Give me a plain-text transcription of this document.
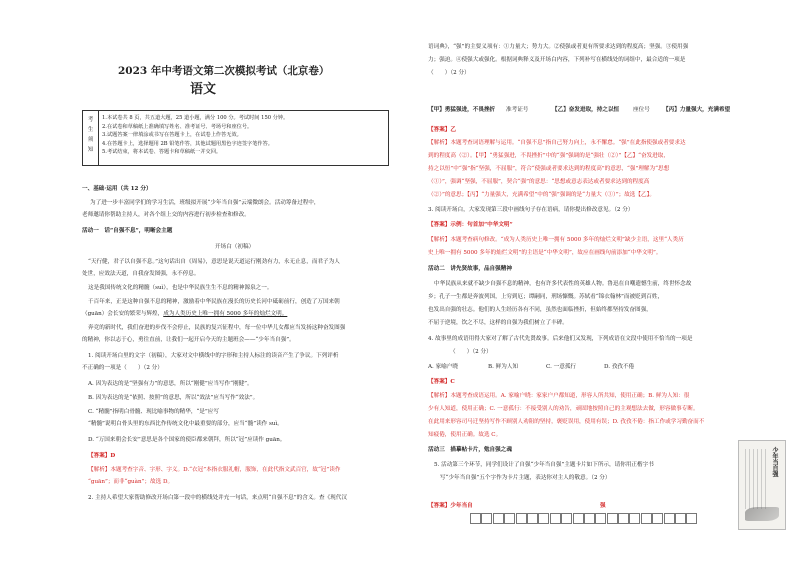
2023 年中考语文第二次模拟考试（北京卷）
语文
考
生
须
知
1.本试卷共 8 页，共五道大题，25 道小题，满分 100 分。考试时间 150 分钟。
2.在试卷和草稿纸上准确填写姓名、准考证号、考场号和座位号。
3.试题答案一律填涂或书写在答题卡上，在试卷上作答无效。
4.在答题卡上，选择题用 2B 铅笔作答，其他试题用黑色字迹签字笔作答。
5.考试结束，将本试卷、答题卡和草稿纸一并交回。
一、基础·运用（共 12 分）
为了进一步丰富同学们的学习生活，班级拟开展“少年当自强”云端微朗会。活动筹备过程中，
老师邀请你帮助主持人，对各个组上交的内容进行初步检查和修改。
活动一　话“自强不息”，明晰会主题
开场白（初稿）
“天行健，君子以自强不息。”这句话出自《周易》，意思是说天道运行刚劲有力，永无止息，而君子为人
处世，应效法天道，自我奋发图强，永不停息。
这是我国传统文化的精髓（suì），也是中华民族生生不息的精神源泉之一。
千百年来，正是这种自强不息的精神，激励着中华民族在漫长的历史长河中砥砺前行，创造了万国来朝
（guān）会长安的繁荣与辉煌，成为人类历史上唯一拥有 5000 多年的灿烂文明。
奔竞的新时代，我们奋进的步伐不会停止，民族的复兴征程中，每一位中华儿女都应当发扬这种奋发图强
的精神，你以志于心，勇往直前，让我们一起开启今天的主题班会——“少年当自强”。
1. 阅读开场白里的文字（初稿），大家对文中横线中的字形和主持人标注的读音产生了争议。下列评析
不正确的一项是（　　）（2 分）
A. 因为表达的是“坚强有力”的意思，所以“刚健”应当写作“刚健”。
B. 因为表达的是“依照、按照”的意思，所以“效法”应当写作“效法”。
C. “精髓”指明白骨髓、现比喻事物的精华，“是”应写
“精髓”说明白骨头里的东西比作传统文化中最重要的部分，应当“髓”读作 suì。
D. “万国来朝会长安”意思是各个国家的使臣都来朝拜，所以“冠”应读作 guān。
【答案】D
【解析】本题考查字音、字形、字义。D.“衣冠”本指衣服礼帽，服饰，在此代指文武百官，故“冠”读作
“guān”；而非“guàn”；故选 D。
2. 主持人希望大家帮助修改开场白第一段中的横线处并充一句话，来点明“自强不息”的含义。查《现代汉
语词典》，“强”的主要义项有：①力量大；势力大。②使强或者更有所要求达到的程度高；坚强。③使用强
力；强迫。④使强大或强化。根据词典释义及开场白内容，下列补写在横线处的词组中，最合适的一项是
（　　）（2 分）
【甲】勇猛强进，不畏挫折 准考证号	【乙】奋发进取，持之以恒 座位号 【丙】力量强大，充满希望
【答案】乙
【解析】本题考查词语理解与运用。“自强不息”指自己努力向上，永不懈怠。“强”在此指使强或者要求达
到的程度高（②）。【甲】“勇猛强进，不畏挫折”中的“强”强调的是“强壮（②）”【乙】“奋发进取，
持之以恒”中“强”指“坚强，不屈服”，符合“使强或者要求达到的程度高”的意思，“强”理解为“思想
（①）”，强调“坚强，不屈服”，契合“强”的意思：“思想或意志表达或者要求达到的程度高
（②）”的意思；【丙】“力量强大，充满希望”中的“强”强调的是“力量大（①）”；故选【乙】。
3. 阅读开场白，大家发现第三段中画线句子存在语病，请你提出修改意见。（2 分）
【答案】示例：句首加“中华文明”
【解析】本题考查病句修改。“成为人类历史上唯一拥有 5000 多年的灿烂文明”缺少主语，这里“人类历
史上唯一拥有 5000 多年的灿烂文明”的主语是“中华文明”，故应在画线句前添加“中华文明”。
活动二　讲先贤故事，品自强精神
中华民族从来就不缺少自强不息的精神，也有许多代表性的英雄人物。鲁迅在自嘲遗憾生前，终世怀念故
乡；孔子一生都是奔波列国，上穷到厄；谭嗣同，刑场慷慨。苏轼看“锦衣翰林”而被贬到百姓，
也发出自强的壮志。他们的人生经历各有不同，虽然也面临挫折，但始终都坚持发奋图强，
不屈于逆境，饮之不尽，这样的自强为我们树立了丰碑。
4. 故事里的成语用得大家对了解了古代先贤故事。后来他们又发现，下列成语在文段中使用不恰当的一项是
（　　）（2 分）
A. 家喻户晓	B. 鲜为人知	C. 一意孤行	D. 孜孜不倦
【答案】C
【解析】本题考查成语运用。A. 家喻户晓：家家户户都知道，形容人所共知，使用正确；B. 鲜为人知：很
少有人知道，使用正确；C. 一意孤行：不接受别人的劝告，顽固地按照自己的主观想法去做，形容做事专断。
在此用来形容司马迁坚持写作不顾别人劝阻的坚持，褒贬误用，使用有误；D. 孜孜不倦：指工作或学习勤奋而不
知疲倦，使用正确。故选 C。
活动三　描摹帖卡片，勉自强之魂
5. 活动第三个环节，同学们设计了自强“少年当自强”主题卡片如下所示，请你用正楷字书
写“少年当自强”五个字作为卡片主题，表达你对主人的敬意。（2 分）
【答案】少年当自	强
少年当自强
